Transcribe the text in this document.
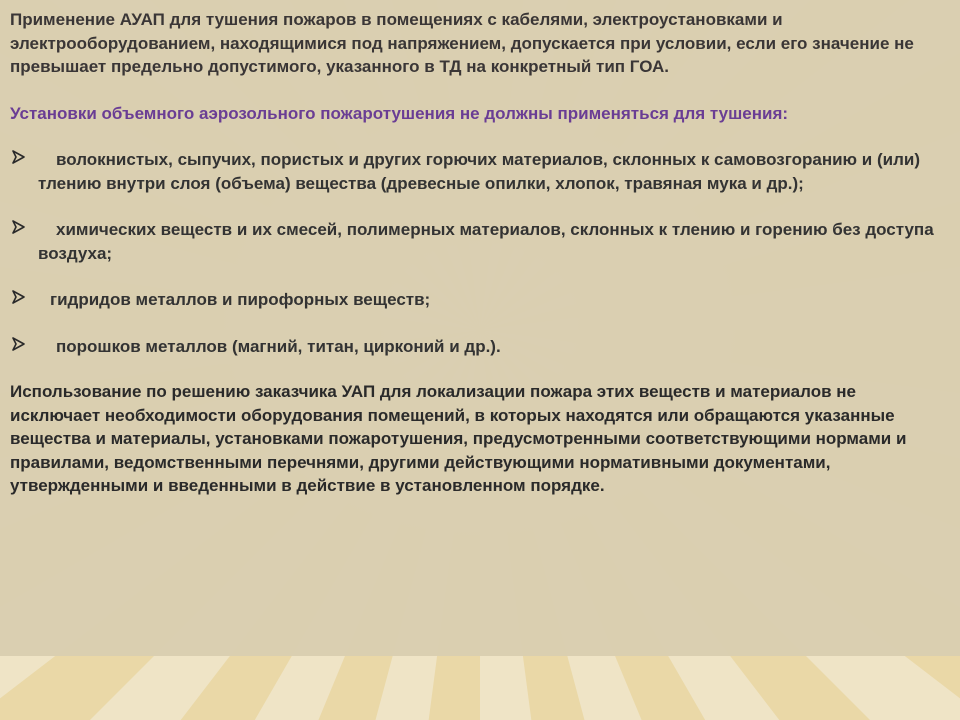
Применение АУАП для тушения пожаров в помещениях с кабелями, электроустановками и электрооборудованием, находящимися под напряжением, допускается при условии, если его значение не превышает предельно допустимого, указанного в ТД на конкретный тип ГОА.

Установки объемного аэрозольного пожаротушения не должны применяться для тушения:

волокнистых, сыпучих, пористых и других горючих материалов, склонных к самовозгоранию и (или) тлению внутри слоя (объема) вещества (древесные опилки, хлопок, травяная мука и др.);
химических веществ и их смесей, полимерных материалов, склонных к тлению и горению без доступа воздуха;
гидридов металлов и пирофорных веществ;
порошков металлов (магний, титан, цирконий и др.).

Использование по решению заказчика УАП для локализации пожара этих веществ и материалов не исключает необходимости оборудования помещений, в которых находятся или обращаются указанные вещества и материалы, установками пожаротушения, предусмотренными соответствующими нормами и правилами, ведомственными перечнями, другими действующими нормативными документами, утвержденными и введенными в действие в установленном порядке.
